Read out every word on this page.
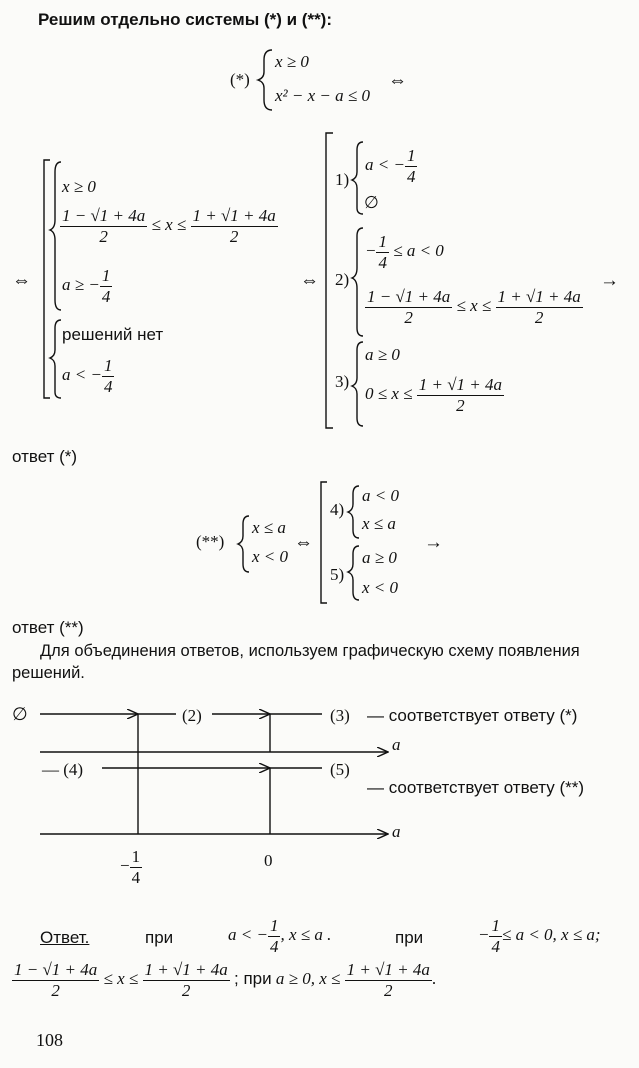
Решим отдельно системы (*) и (**):
(*)
x ≥ 0
x² − x − a ≤ 0
⇔
⇔
x ≥ 0
$\frac{1 - √1 + 4a}{2} \le x \le \frac{1 + √1 + 4a}{2}$
a ≥ − $\frac{1}{4}$
решений нет
a < − $\frac{1}{4}$
⇔
1)
a < − $\frac{1}{4}$
∅
2)
− $\frac{1}{4} \le a < 0$
$\frac{1 - √1 + 4a}{2} \le x \le \frac{1 + √1 + 4a}{2}$
→
3)
a ≥ 0
$0 \le x \le \frac{1 + √1 + 4a}{2}$
ответ (*)
(**)
x ≤ a
x < 0
⇔
4)
a < 0
x ≤ a
5)
a ≥ 0
x < 0
→
ответ (**)
Для объединения ответов, используем графическую схему появления решений.
∅	(2)	(3) — соответствует ответу (*)
a
— (4)	(5)
— соответствует ответу (**)
a
0
− $\frac{1}{4}$
Ответ.	при	a < − $\frac{1}{4}$ , x ≤ a .	при	− $\frac{1}{4} \le a < 0$, x ≤ a;
$\frac{1 - √1 + 4a}{2} \le x \le \frac{1 + √1 + 4a}{2}$ ; при a ≥ 0, $x \le \frac{1 + √1 + 4a}{2}$ .
108
